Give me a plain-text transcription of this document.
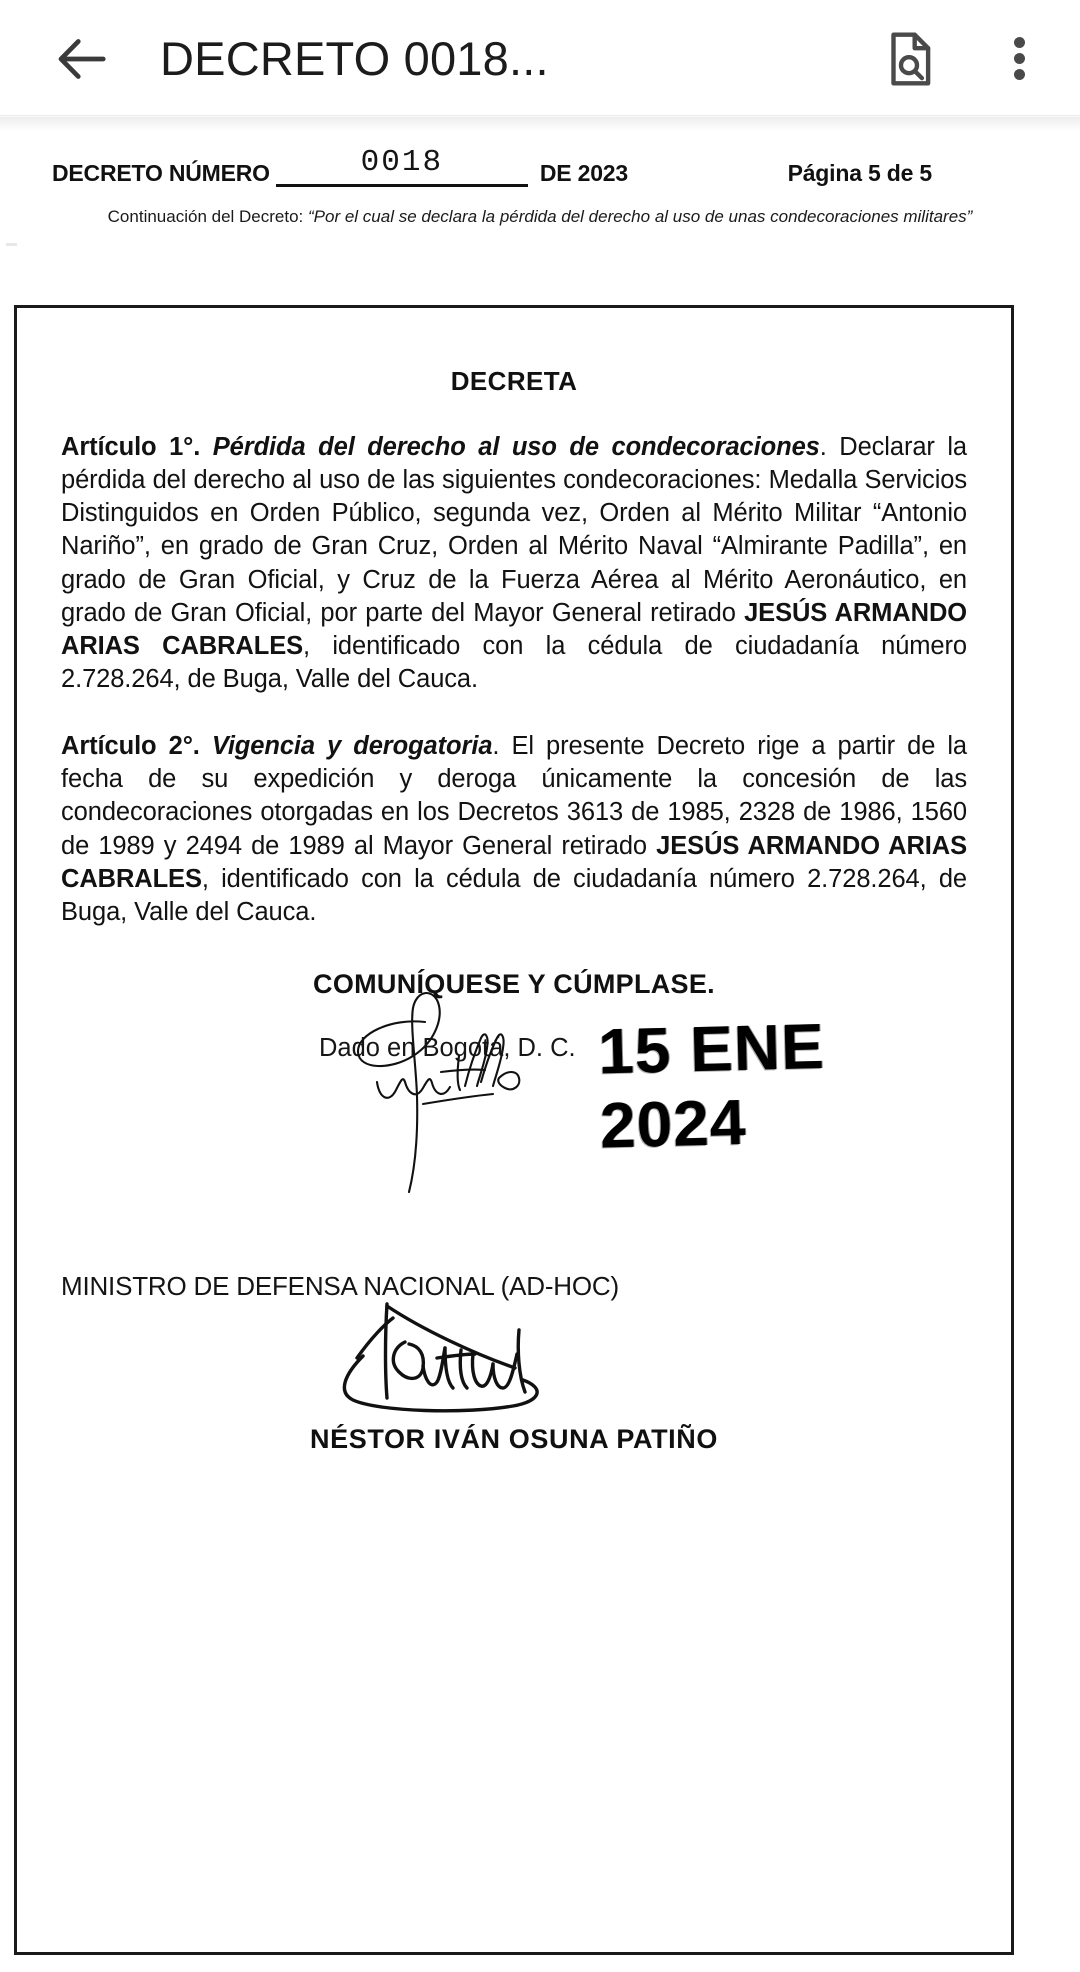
DECRETO 0018...
DECRETO NÚMERO	0018	DE 2023	Página 5 de 5
Continuación del Decreto: “Por el cual se declara la pérdida del derecho al uso de unas condecoraciones militares”
DECRETA

Artículo 1°. Pérdida del derecho al uso de condecoraciones. Declarar la pérdida del derecho al uso de las siguientes condecoraciones: Medalla Servicios Distinguidos en Orden Público, segunda vez, Orden al Mérito Militar “Antonio Nariño”, en grado de Gran Cruz, Orden al Mérito Naval “Almirante Padilla”, en grado de Gran Oficial, y Cruz de la Fuerza Aérea al Mérito Aeronáutico, en grado de Gran Oficial, por parte del Mayor General retirado JESÚS ARMANDO ARIAS CABRALES, identificado con la cédula de ciudadanía número 2.728.264, de Buga, Valle del Cauca.

Artículo 2°. Vigencia y derogatoria. El presente Decreto rige a partir de la fecha de su expedición y deroga únicamente la concesión de las condecoraciones otorgadas en los Decretos 3613 de 1985, 2328 de 1986, 1560 de 1989 y 2494 de 1989 al Mayor General retirado JESÚS ARMANDO ARIAS CABRALES, identificado con la cédula de ciudadanía número 2.728.264, de Buga, Valle del Cauca.

COMUNÍQUESE Y CÚMPLASE.
Dado en Bogotá, D. C. 15 ENE 2024
MINISTRO DE DEFENSA NACIONAL (AD-HOC)
NÉSTOR IVÁN OSUNA PATIÑO
